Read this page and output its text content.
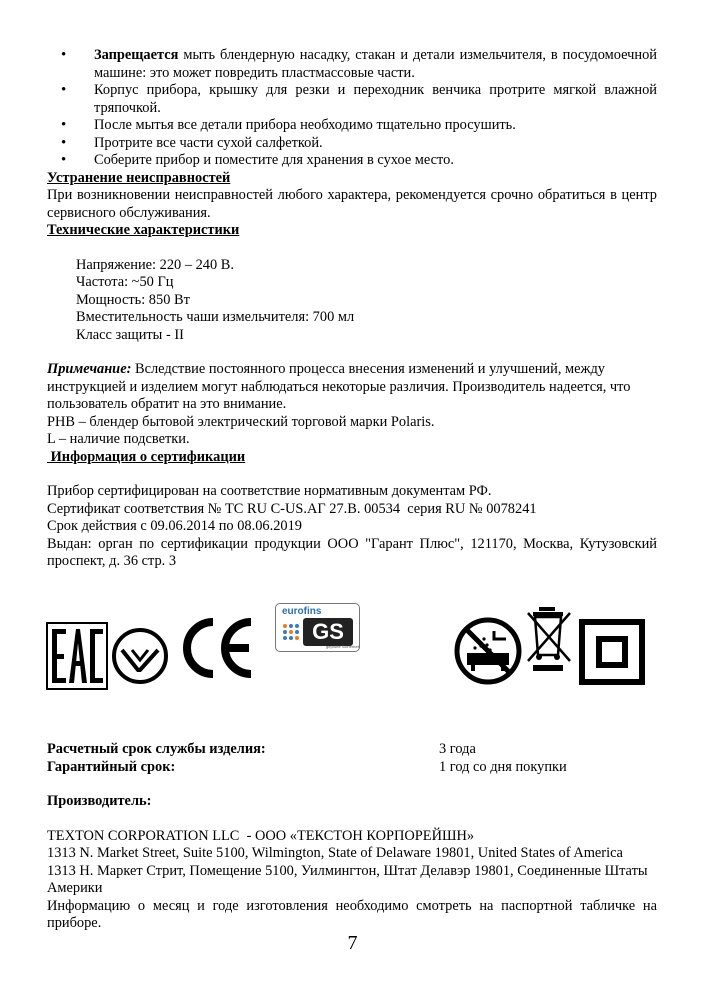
• Запрещается мыть блендерную насадку, стакан и детали измельчителя, в посудомоечной машине: это может повредить пластмассовые части.
• Корпус прибора, крышку для резки и переходник венчика протрите мягкой влажной тряпочкой.
• После мытья все детали прибора необходимо тщательно просушить.
• Протрите все части сухой салфеткой.
• Соберите прибор и поместите для хранения в сухое место.
Устранение неисправностей
При возникновении неисправностей любого характера, рекомендуется срочно обратиться в центр сервисного обслуживания.
Технические характеристики
Напряжение: 220 – 240 В.
Частота: ~50 Гц
Мощность: 850 Вт
Вместительность чаши измельчителя: 700 мл
Класс защиты - II
Примечание: Вследствие постоянного процесса внесения изменений и улучшений, между инструкцией и изделием могут наблюдаться некоторые различия. Производитель надеется, что пользователь обратит на это внимание.
PHB – блендер бытовой электрический торговой марки Polaris.
L – наличие подсветки.
Информация о сертификации
Прибор сертифицирован на соответствие нормативным документам РФ.
Сертификат соответствия № ТС RU C-US.АГ 27.В. 00534  серия RU № 0078241
Срок действия с 09.06.2014 по 08.06.2019
Выдан: орган по сертификации продукции ООО "Гарант Плюс", 121170, Москва, Кутузовский проспект, д. 36 стр. 3
EAC
eurofins
GS
geprüfte Sicherheit
Расчетный срок службы изделия:	3 года
Гарантийный срок:	1 год со дня покупки
Производитель:
TEXTON CORPORATION LLC  - ООО «ТЕКСТОН КОРПОРЕЙШН»
1313 N. Market Street, Suite 5100, Wilmington, State of Delaware 19801, United States of America
1313 Н. Маркет Стрит, Помещение 5100, Уилмингтон, Штат Делавэр 19801, Соединенные Штаты Америки
Информацию о месяц и годе изготовления необходимо смотреть на паспортной табличке на приборе.
7
